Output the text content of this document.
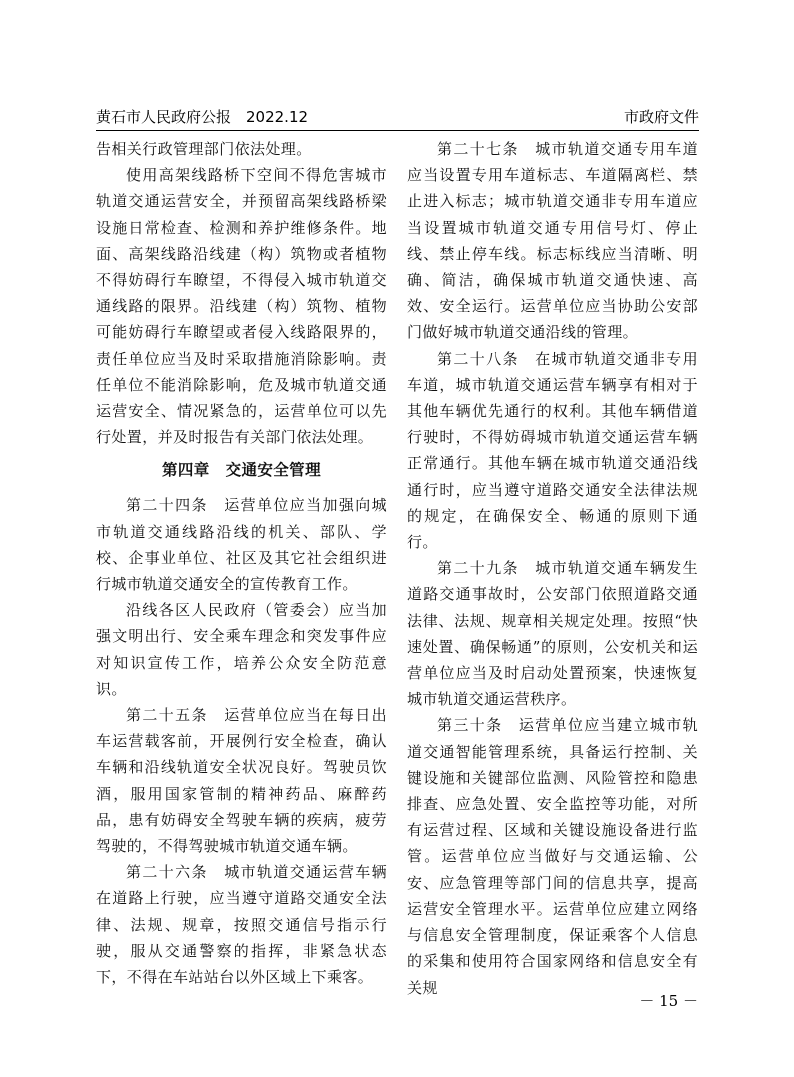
黄石市人民政府公报　2022.12	市政府文件

告相关行政管理部门依法处理。

使用高架线路桥下空间不得危害城市轨道交通运营安全，并预留高架线路桥梁设施日常检查、检测和养护维修条件。地面、高架线路沿线建（构）筑物或者植物不得妨碍行车瞭望，不得侵入城市轨道交通线路的限界。沿线建（构）筑物、植物可能妨碍行车瞭望或者侵入线路限界的，责任单位应当及时采取措施消除影响。责任单位不能消除影响，危及城市轨道交通运营安全、情况紧急的，运营单位可以先行处置，并及时报告有关部门依法处理。

第四章　交通安全管理

第二十四条　运营单位应当加强向城市轨道交通线路沿线的机关、部队、学校、企事业单位、社区及其它社会组织进行城市轨道交通安全的宣传教育工作。

沿线各区人民政府（管委会）应当加强文明出行、安全乘车理念和突发事件应对知识宣传工作，培养公众安全防范意识。

第二十五条　运营单位应当在每日出车运营载客前，开展例行安全检查，确认车辆和沿线轨道安全状况良好。驾驶员饮酒，服用国家管制的精神药品、麻醉药品，患有妨碍安全驾驶车辆的疾病，疲劳驾驶的，不得驾驶城市轨道交通车辆。

第二十六条　城市轨道交通运营车辆在道路上行驶，应当遵守道路交通安全法律、法规、规章，按照交通信号指示行驶，服从交通警察的指挥，非紧急状态下，不得在车站站台以外区域上下乘客。

第二十七条　城市轨道交通专用车道应当设置专用车道标志、车道隔离栏、禁止进入标志；城市轨道交通非专用车道应当设置城市轨道交通专用信号灯、停止线、禁止停车线。标志标线应当清晰、明确、简洁，确保城市轨道交通快速、高效、安全运行。运营单位应当协助公安部门做好城市轨道交通沿线的管理。

第二十八条　在城市轨道交通非专用车道，城市轨道交通运营车辆享有相对于其他车辆优先通行的权利。其他车辆借道行驶时，不得妨碍城市轨道交通运营车辆正常通行。其他车辆在城市轨道交通沿线通行时，应当遵守道路交通安全法律法规的规定，在确保安全、畅通的原则下通行。

第二十九条　城市轨道交通车辆发生道路交通事故时，公安部门依照道路交通法律、法规、规章相关规定处理。按照“快速处置、确保畅通”的原则，公安机关和运营单位应当及时启动处置预案，快速恢复城市轨道交通运营秩序。

第三十条　运营单位应当建立城市轨道交通智能管理系统，具备运行控制、关键设施和关键部位监测、风险管控和隐患排查、应急处置、安全监控等功能，对所有运营过程、区域和关键设施设备进行监管。运营单位应当做好与交通运输、公安、应急管理等部门间的信息共享，提高运营安全管理水平。运营单位应建立网络与信息安全管理制度，保证乘客个人信息的采集和使用符合国家网络和信息安全有关规

－ 15 －
